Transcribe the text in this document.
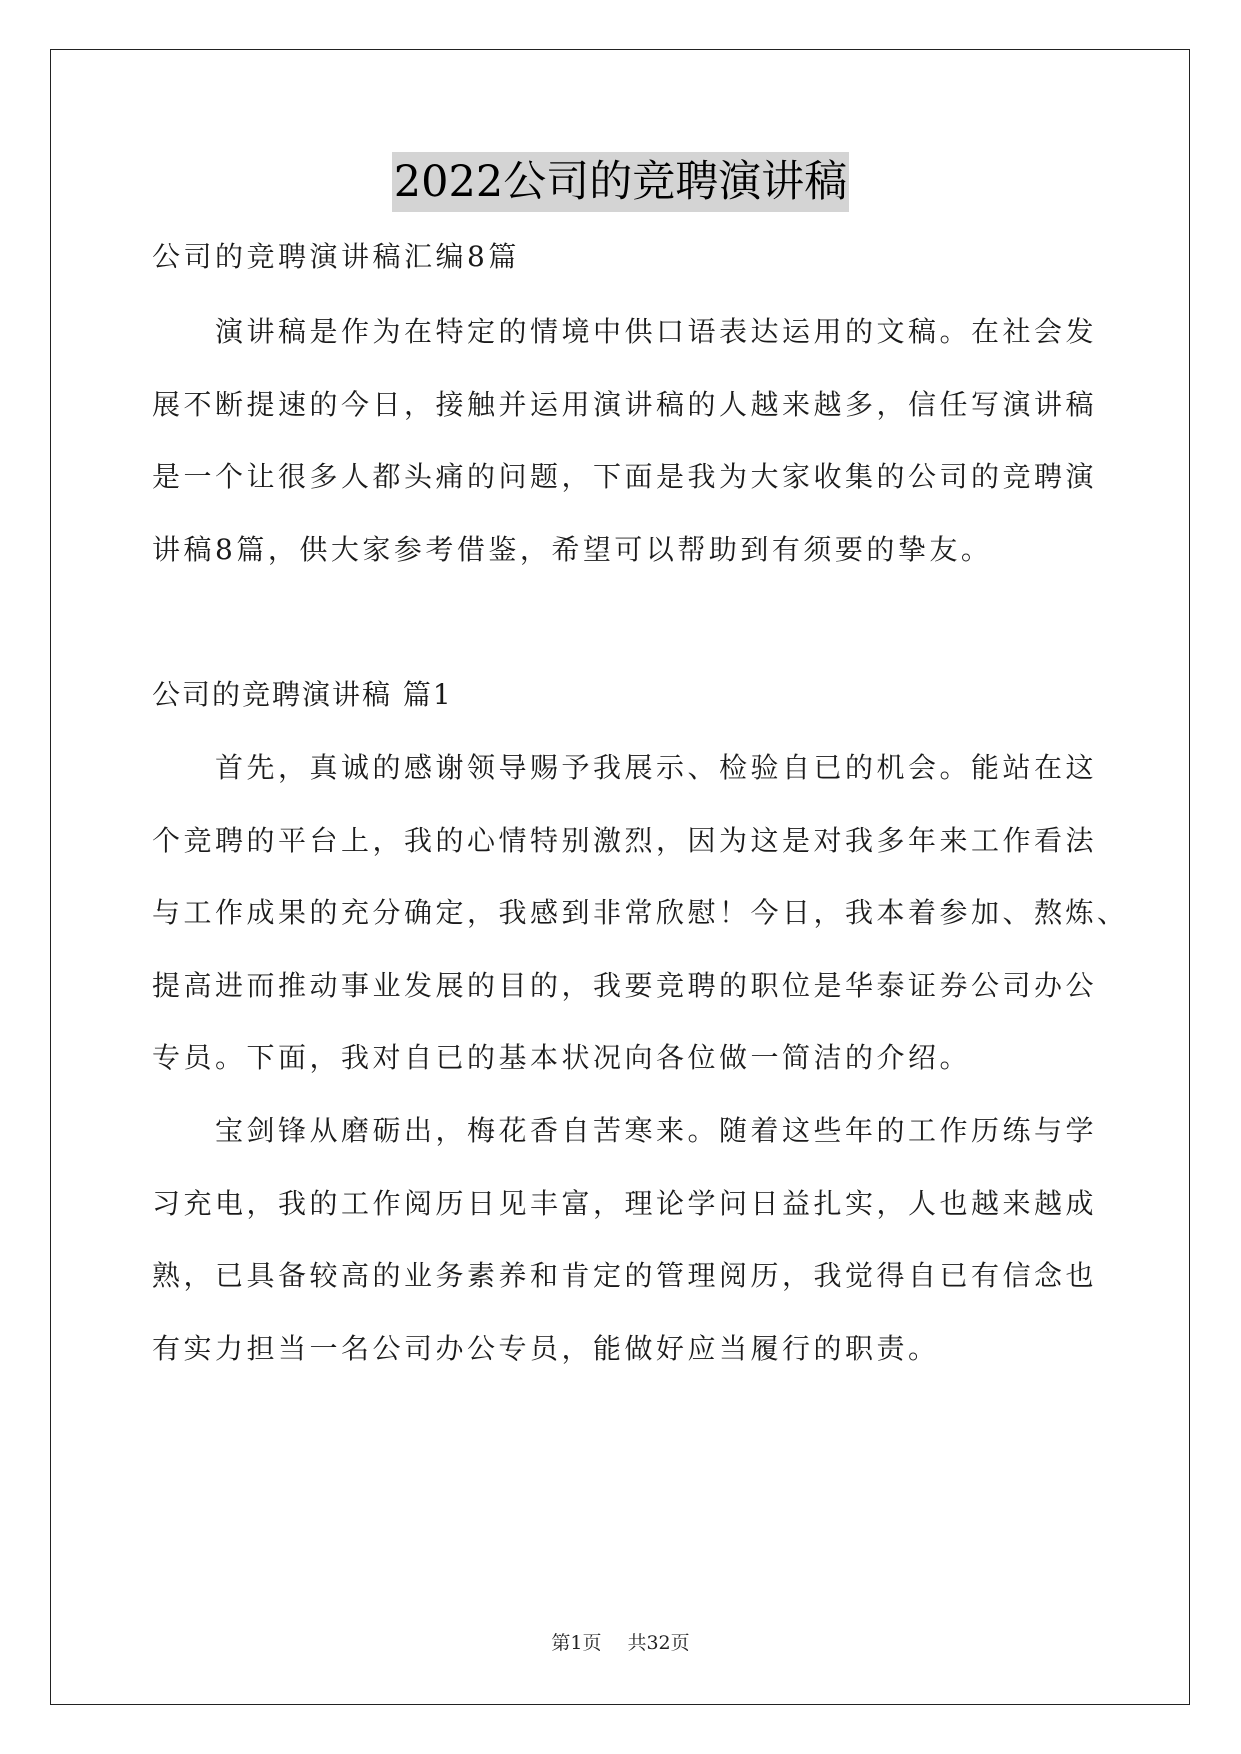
2022公司的竞聘演讲稿
公司的竞聘演讲稿汇编8篇
演讲稿是作为在特定的情境中供口语表达运用的文稿。在社会发
展不断提速的今日，接触并运用演讲稿的人越来越多，信任写演讲稿
是一个让很多人都头痛的问题，下面是我为大家收集的公司的竞聘演
讲稿8篇，供大家参考借鉴，希望可以帮助到有须要的挚友。
公司的竞聘演讲稿 篇1
首先，真诚的感谢领导赐予我展示、检验自已的机会。能站在这
个竞聘的平台上，我的心情特别激烈，因为这是对我多年来工作看法
与工作成果的充分确定，我感到非常欣慰！今日，我本着参加、熬炼、
提高进而推动事业发展的目的，我要竞聘的职位是华泰证券公司办公
专员。下面，我对自已的基本状况向各位做一简洁的介绍。
宝剑锋从磨砺出，梅花香自苦寒来。随着这些年的工作历练与学
习充电，我的工作阅历日见丰富，理论学问日益扎实，人也越来越成
熟，已具备较高的业务素养和肯定的管理阅历，我觉得自已有信念也
有实力担当一名公司办公专员，能做好应当履行的职责。
第1页 共32页
